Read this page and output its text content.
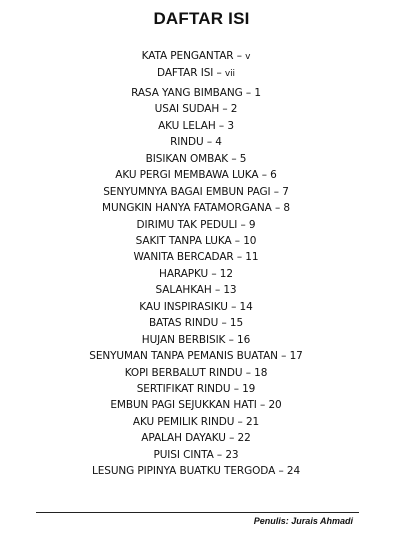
DAFTAR ISI
KATA PENGANTAR – v
DAFTAR ISI – vii
RASA YANG BIMBANG – 1
USAI SUDAH – 2
AKU LELAH – 3
RINDU – 4
BISIKAN OMBAK – 5
AKU PERGI MEMBAWA LUKA – 6
SENYUMNYA BAGAI EMBUN PAGI – 7
MUNGKIN HANYA FATAMORGANA – 8
DIRIMU TAK PEDULI – 9
SAKIT TANPA LUKA – 10
WANITA BERCADAR – 11
HARAPKU – 12
SALAHKAH – 13
KAU INSPIRASIKU – 14
BATAS RINDU – 15
HUJAN BERBISIK – 16
SENYUMAN TANPA PEMANIS BUATAN – 17
KOPI BERBALUT RINDU – 18
SERTIFIKAT RINDU – 19
EMBUN PAGI SEJUKKAN HATI – 20
AKU PEMILIK RINDU – 21
APALAH DAYAKU – 22
PUISI CINTA – 23
LESUNG PIPINYA BUATKU TERGODA – 24
Penulis: Jurais Ahmadi
